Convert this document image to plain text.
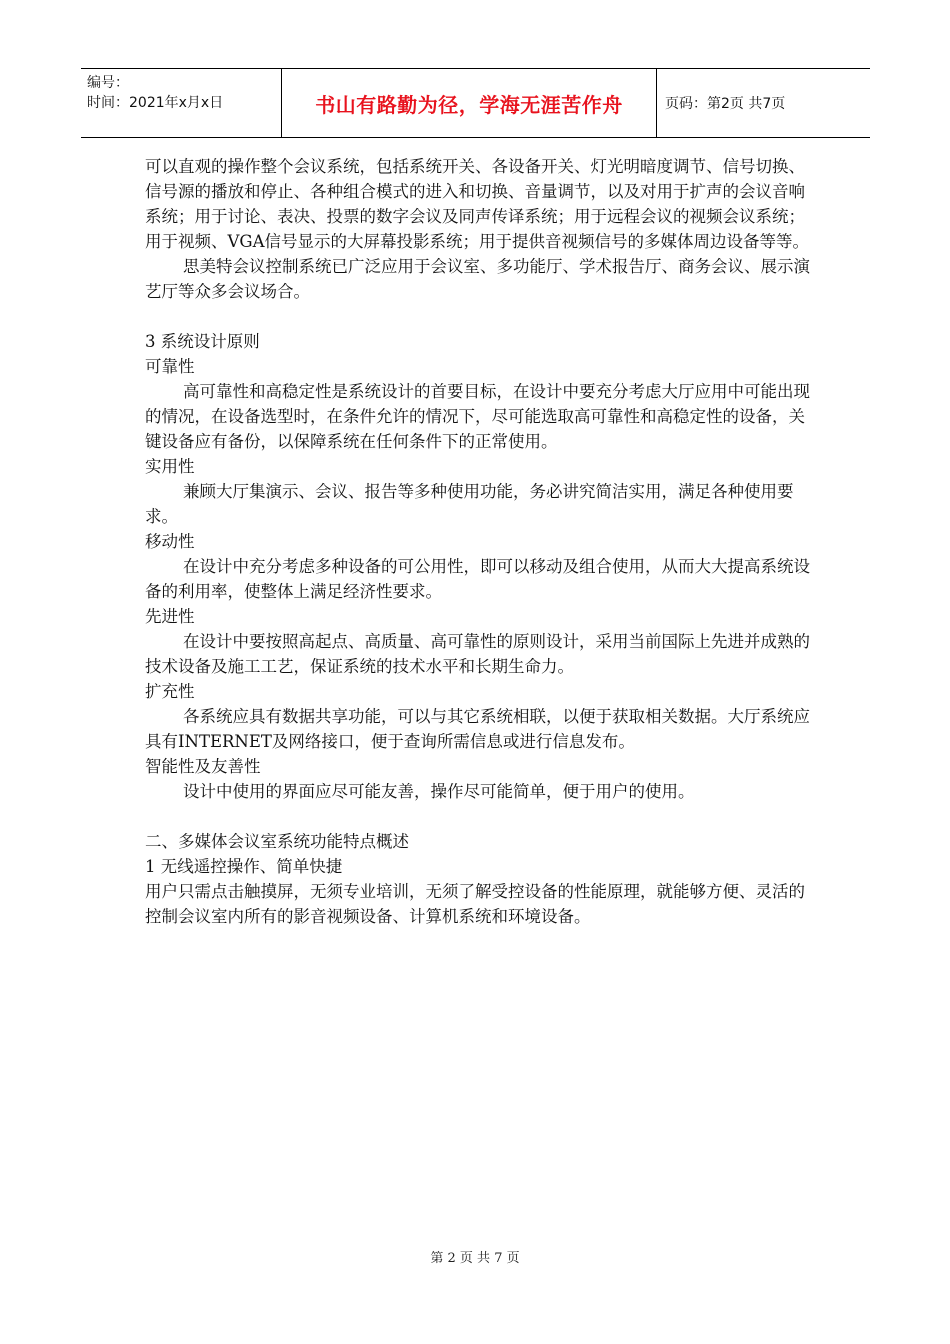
编号：
时间：2021年x月x日	书山有路勤为径，学海无涯苦作舟	页码：第2页 共7页

可以直观的操作整个会议系统，包括系统开关、各设备开关、灯光明暗度调节、信号切换、信号源的播放和停止、各种组合模式的进入和切换、音量调节，以及对用于扩声的会议音响系统；用于讨论、表决、投票的数字会议及同声传译系统；用于远程会议的视频会议系统；用于视频、VGA信号显示的大屏幕投影系统；用于提供音视频信号的多媒体周边设备等等。

思美特会议控制系统已广泛应用于会议室、多功能厅、学术报告厅、商务会议、展示演艺厅等众多会议场合。

3 系统设计原则

可靠性

高可靠性和高稳定性是系统设计的首要目标，在设计中要充分考虑大厅应用中可能出现的情况，在设备选型时，在条件允许的情况下，尽可能选取高可靠性和高稳定性的设备，关键设备应有备份，以保障系统在任何条件下的正常使用。

实用性

兼顾大厅集演示、会议、报告等多种使用功能，务必讲究简洁实用，满足各种使用要求。

移动性

在设计中充分考虑多种设备的可公用性，即可以移动及组合使用，从而大大提高系统设备的利用率，使整体上满足经济性要求。

先进性

在设计中要按照高起点、高质量、高可靠性的原则设计，采用当前国际上先进并成熟的技术设备及施工工艺，保证系统的技术水平和长期生命力。

扩充性

各系统应具有数据共享功能，可以与其它系统相联，以便于获取相关数据。大厅系统应具有INTERNET及网络接口，便于查询所需信息或进行信息发布。

智能性及友善性

设计中使用的界面应尽可能友善，操作尽可能简单，便于用户的使用。

二、多媒体会议室系统功能特点概述

1 无线遥控操作、简单快捷

用户只需点击触摸屏，无须专业培训，无须了解受控设备的性能原理，就能够方便、灵活的控制会议室内所有的影音视频设备、计算机系统和环境设备。

第 2 页 共 7 页
